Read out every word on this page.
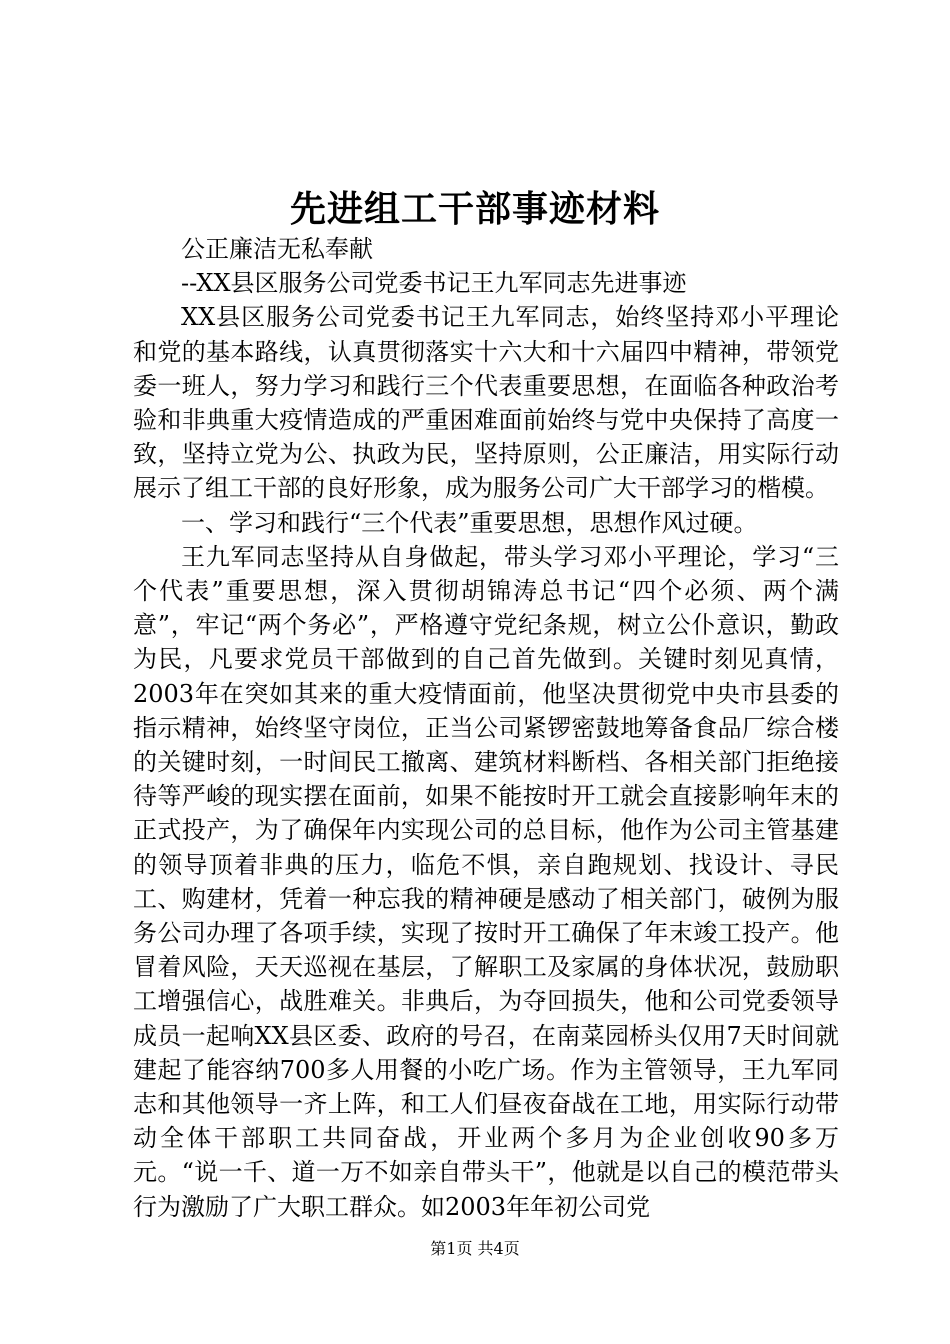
先进组工干部事迹材料

公正廉洁无私奉献

--XX县区服务公司党委书记王九军同志先进事迹

XX县区服务公司党委书记王九军同志，始终坚持邓小平理论和党的基本路线，认真贯彻落实十六大和十六届四中精神，带领党委一班人，努力学习和践行三个代表重要思想，在面临各种政治考验和非典重大疫情造成的严重困难面前始终与党中央保持了高度一致，坚持立党为公、执政为民，坚持原则，公正廉洁，用实际行动展示了组工干部的良好形象，成为服务公司广大干部学习的楷模。

一、学习和践行“三个代表”重要思想，思想作风过硬。

王九军同志坚持从自身做起，带头学习邓小平理论，学习“三个代表”重要思想，深入贯彻胡锦涛总书记“四个必须、两个满意”，牢记“两个务必”，严格遵守党纪条规，树立公仆意识，勤政为民，凡要求党员干部做到的自己首先做到。关键时刻见真情，2003年在突如其来的重大疫情面前，他坚决贯彻党中央市县委的指示精神，始终坚守岗位，正当公司紧锣密鼓地筹备食品厂综合楼的关键时刻，一时间民工撤离、建筑材料断档、各相关部门拒绝接待等严峻的现实摆在面前，如果不能按时开工就会直接影响年末的正式投产，为了确保年内实现公司的总目标，他作为公司主管基建的领导顶着非典的压力，临危不惧，亲自跑规划、找设计、寻民工、购建材，凭着一种忘我的精神硬是感动了相关部门，破例为服务公司办理了各项手续，实现了按时开工确保了年末竣工投产。他冒着风险，天天巡视在基层，了解职工及家属的身体状况，鼓励职工增强信心，战胜难关。非典后，为夺回损失，他和公司党委领导成员一起响XX县区委、政府的号召，在南菜园桥头仅用7天时间就建起了能容纳700多人用餐的小吃广场。作为主管领导，王九军同志和其他领导一齐上阵，和工人们昼夜奋战在工地，用实际行动带动全体干部职工共同奋战，开业两个多月为企业创收90多万元。“说一千、道一万不如亲自带头干”，他就是以自己的模范带头行为激励了广大职工群众。如2003年年初公司党

第1页 共4页
